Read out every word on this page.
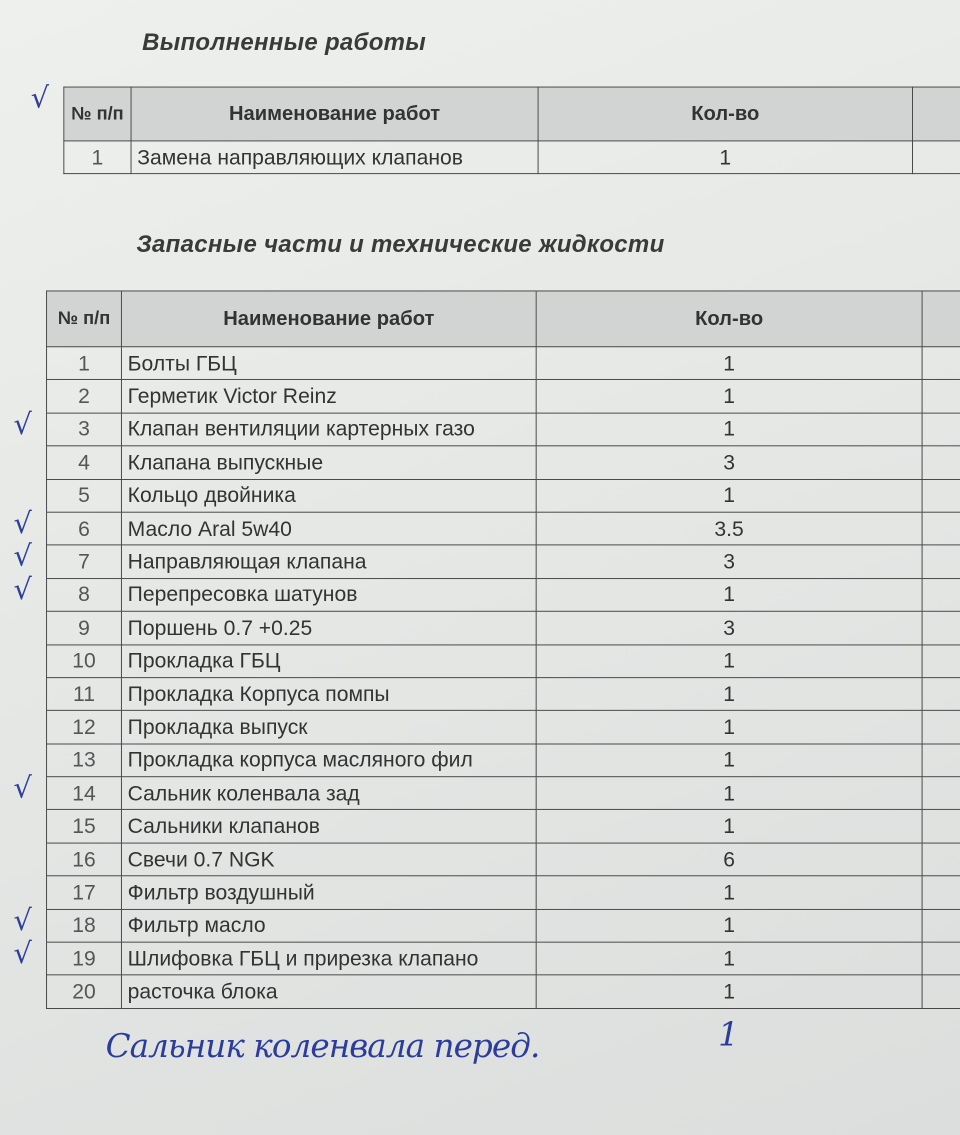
Выполненные работы
№ п/п	Наименование работ	Кол-во	
1	Замена направляющих клапанов	1	
Запасные части и технические жидкости
№ п/п	Наименование работ	Кол-во	
1	Болты ГБЦ	1	
2	Герметик Victor Reinz	1	
3	Клапан вентиляции картерных газо	1	
4	Клапана выпускные	3	
5	Кольцо двойника	1	
6	Масло Aral 5w40	3.5	
7	Направляющая клапана	3	
8	Перепресовка шатунов	1	
9	Поршень 0.7 +0.25	3	
10	Прокладка ГБЦ	1	
11	Прокладка Корпуса помпы	1	
12	Прокладка выпуск	1	
13	Прокладка корпуса масляного фил	1	
14	Сальник коленвала зад	1	
15	Сальники клапанов	1	
16	Свечи 0.7 NGK	6	
17	Фильтр воздушный	1	
18	Фильтр масло	1	
19	Шлифовка ГБЦ и прирезка клапано	1	
20	расточка блока	1	
Сальник коленвала перед.	1
√
√
√
√
√
√
√
√
